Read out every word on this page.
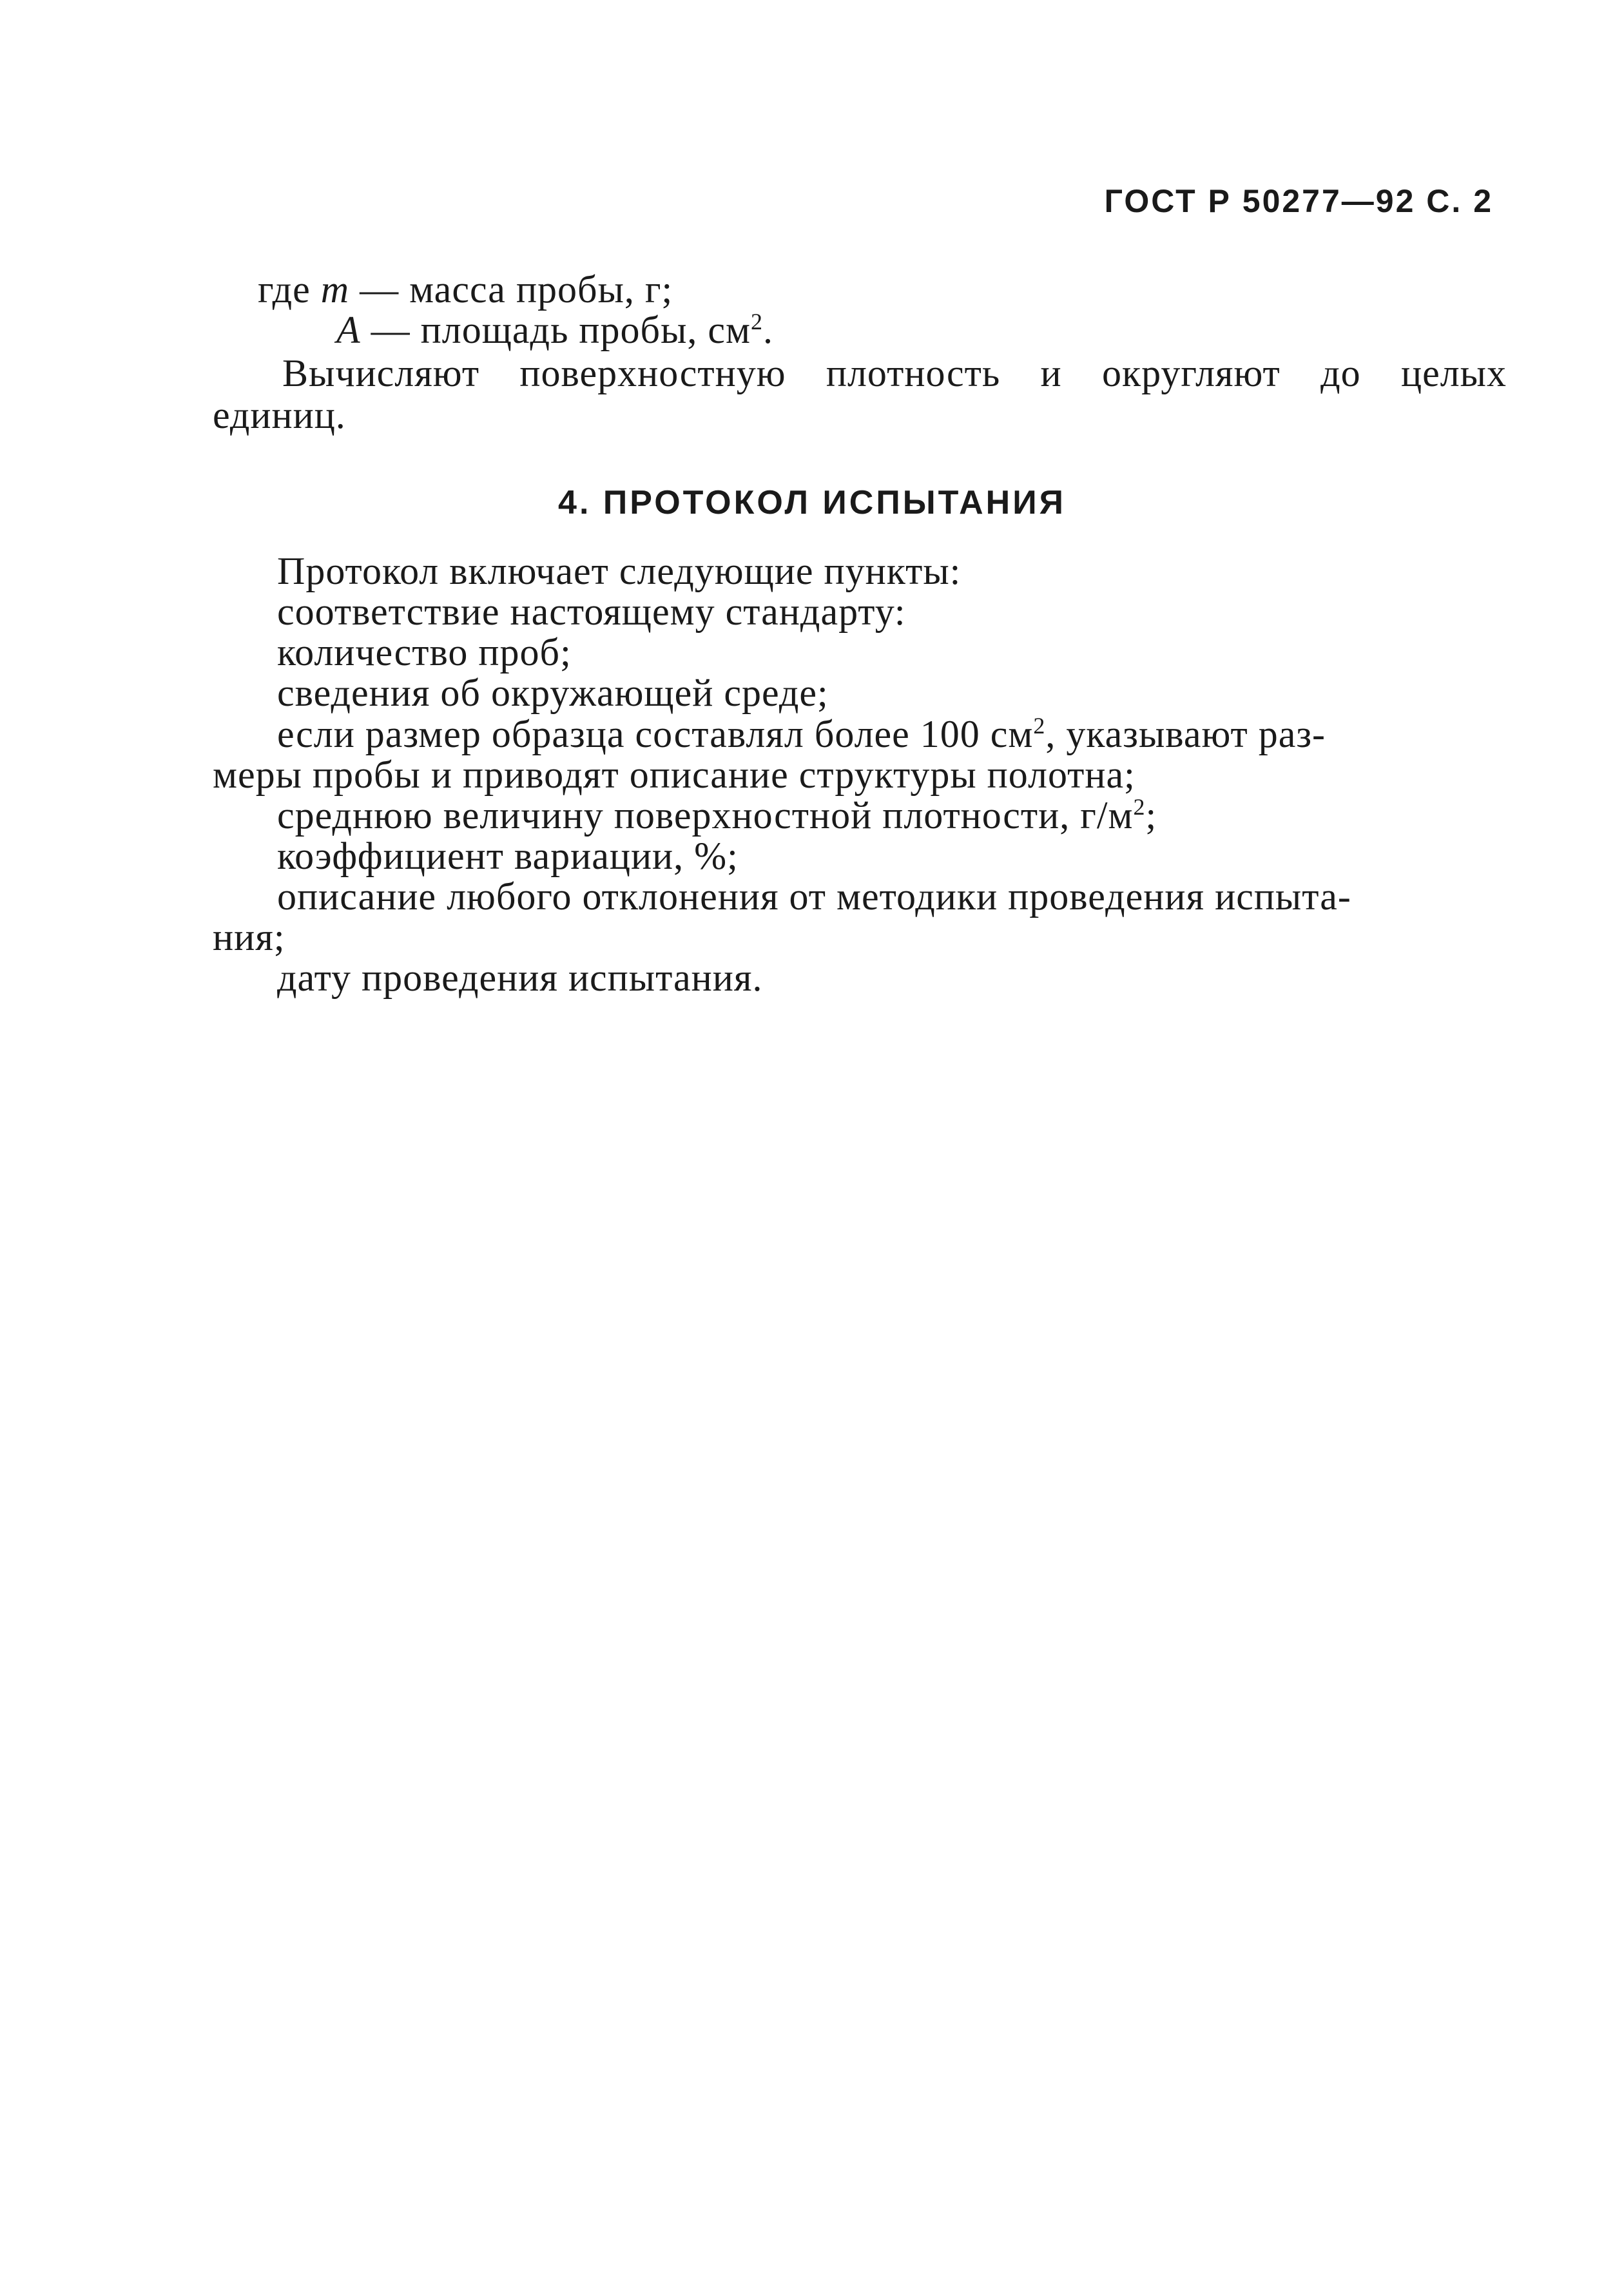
ГОСТ Р 50277—92 С. 2
где m — масса пробы, г;
A — площадь пробы, $см^2$.
Вычисляют поверхностную плотность и округляют до целых
единиц.
4. ПРОТОКОЛ ИСПЫТАНИЯ
Протокол включает следующие пункты:
соответствие настоящему стандарту:
количество проб;
сведения об окружающей среде;
если размер образца составлял более 100 $см^2$, указывают раз-
меры пробы и приводят описание структуры полотна;
среднюю величину поверхностной плотности, $г/м^2$;
коэффициент вариации, %;
описание любого отклонения от методики проведения испыта-
ния;
дату проведения испытания.
